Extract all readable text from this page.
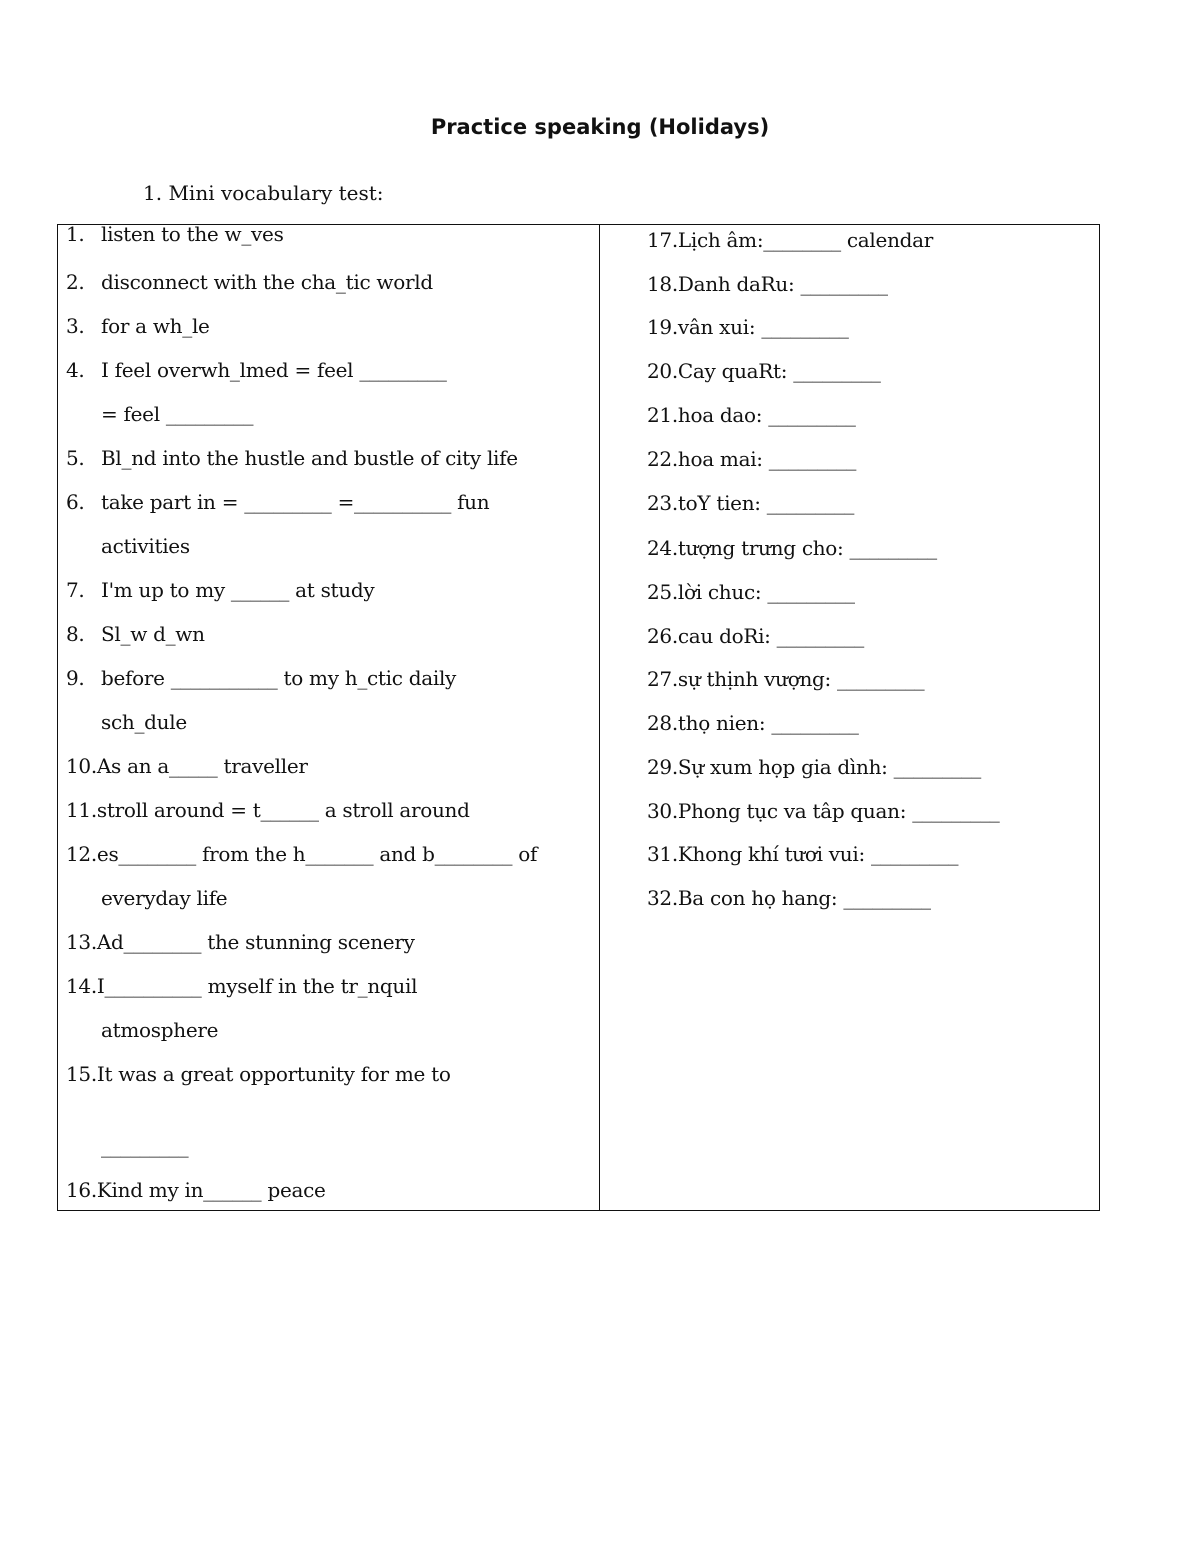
Practice speaking (Holidays)
1. Mini vocabulary test:
1. listen to the w_ves
2. disconnect with the cha_tic world
3. for a wh_le
4. I feel overwh_lmed = feel _________
= feel _________
5. Bl_nd into the hustle and bustle of city life
6. take part in = _________ =__________ fun
activities
7. I'm up to my ______ at study
8. Sl_w d_wn
9. before ___________ to my h_ctic daily
sch_dule
10.As an a_____ traveller
11.stroll around = t______ a stroll around
12.es________ from the h_______ and b________ of
everyday life
13.Ad________ the stunning scenery
14.I__________ myself in the tr_nquil
atmosphere
15.It was a great opportunity for me to
_________
16.Kind my in______ peace
17.Lịch âm:________ calendar
18.Danh daRu: _________
19.vân xui: _________
20.Cay quaRt: _________
21.hoa dao: _________
22.hoa mai: _________
23.toY tien: _________
24.tượng trưng cho: _________
25.lời chuc: _________
26.cau doRi: _________
27.sự thịnh vượng: _________
28.thọ nien: _________
29.Sự xum họp gia dình: _________
30.Phong tục va tâp quan: _________
31.Khong khí tươi vui: _________
32.Ba con họ hang: _________
